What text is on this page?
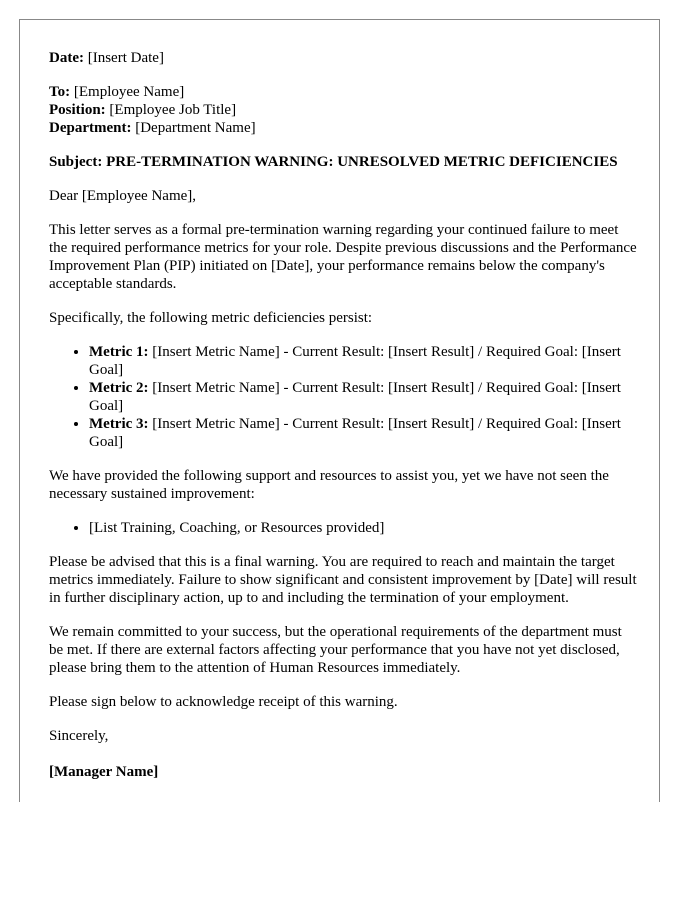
Date: [Insert Date]
To: [Employee Name]
Position: [Employee Job Title]
Department: [Department Name]
Subject: PRE-TERMINATION WARNING: UNRESOLVED METRIC DEFICIENCIES

Dear [Employee Name],

This letter serves as a formal pre-termination warning regarding your continued failure to meet the required performance metrics for your role. Despite previous discussions and the Performance Improvement Plan (PIP) initiated on [Date], your performance remains below the company's acceptable standards.

Specifically, the following metric deficiencies persist:

• Metric 1: [Insert Metric Name] - Current Result: [Insert Result] / Required Goal: [Insert Goal]
• Metric 2: [Insert Metric Name] - Current Result: [Insert Result] / Required Goal: [Insert Goal]
• Metric 3: [Insert Metric Name] - Current Result: [Insert Result] / Required Goal: [Insert Goal]

We have provided the following support and resources to assist you, yet we have not seen the necessary sustained improvement:

• [List Training, Coaching, or Resources provided]

Please be advised that this is a final warning. You are required to reach and maintain the target metrics immediately. Failure to show significant and consistent improvement by [Date] will result in further disciplinary action, up to and including the termination of your employment.

We remain committed to your success, but the operational requirements of the department must be met. If there are external factors affecting your performance that you have not yet disclosed, please bring them to the attention of Human Resources immediately.

Please sign below to acknowledge receipt of this warning.

Sincerely,

[Manager Name]
